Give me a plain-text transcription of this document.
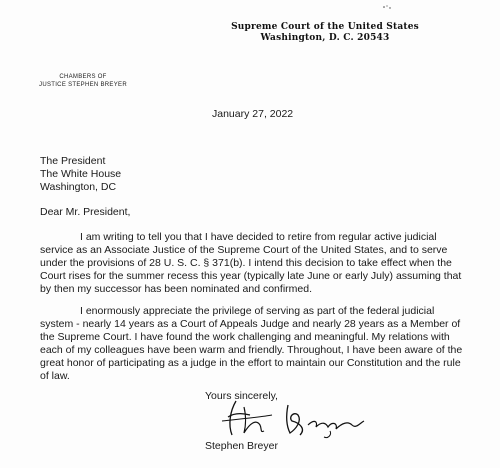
Supreme Court of the United States
Washington, D. C. 20543
CHAMBERS OF
JUSTICE STEPHEN BREYER
January 27, 2022
The President
The White House
Washington, DC
Dear Mr. President,

I am writing to tell you that I have decided to retire from regular active judicial service as an Associate Justice of the Supreme Court of the United States, and to serve under the provisions of 28 U. S. C. § 371(b). I intend this decision to take effect when the Court rises for the summer recess this year (typically late June or early July) assuming that by then my successor has been nominated and confirmed.

I enormously appreciate the privilege of serving as part of the federal judicial system - nearly 14 years as a Court of Appeals Judge and nearly 28 years as a Member of the Supreme Court. I have found the work challenging and meaningful. My relations with each of my colleagues have been warm and friendly. Throughout, I have been aware of the great honor of participating as a judge in the effort to maintain our Constitution and the rule of law.

Yours sincerely,
Stephen Breyer
